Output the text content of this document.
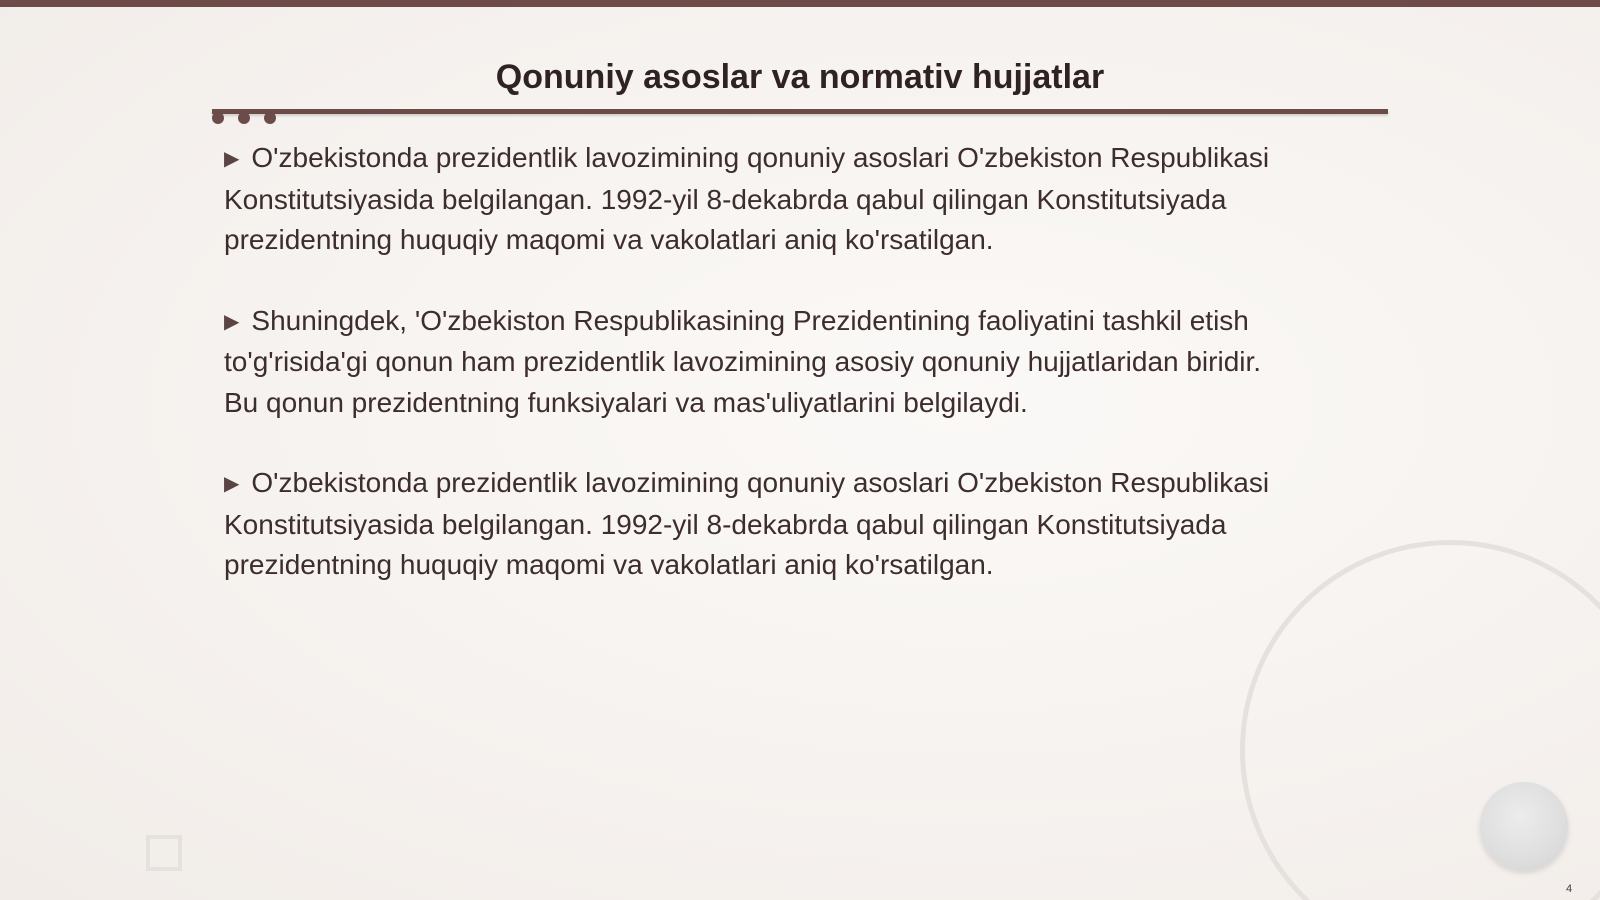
Qonuniy asoslar va normativ hujjatlar
▶ O'zbekistonda prezidentlik lavozimining qonuniy asoslari O'zbekiston Respublikasi
Konstitutsiyasida belgilangan. 1992-yil 8-dekabrda qabul qilingan Konstitutsiyada
prezidentning huquqiy maqomi va vakolatlari aniq ko'rsatilgan.
▶ Shuningdek, 'O'zbekiston Respublikasining Prezidentining faoliyatini tashkil etish
to'g'risida'gi qonun ham prezidentlik lavozimining asosiy qonuniy hujjatlaridan biridir.
Bu qonun prezidentning funksiyalari va mas'uliyatlarini belgilaydi.
▶ O'zbekistonda prezidentlik lavozimining qonuniy asoslari O'zbekiston Respublikasi
Konstitutsiyasida belgilangan. 1992-yil 8-dekabrda qabul qilingan Konstitutsiyada
prezidentning huquqiy maqomi va vakolatlari aniq ko'rsatilgan.
4
